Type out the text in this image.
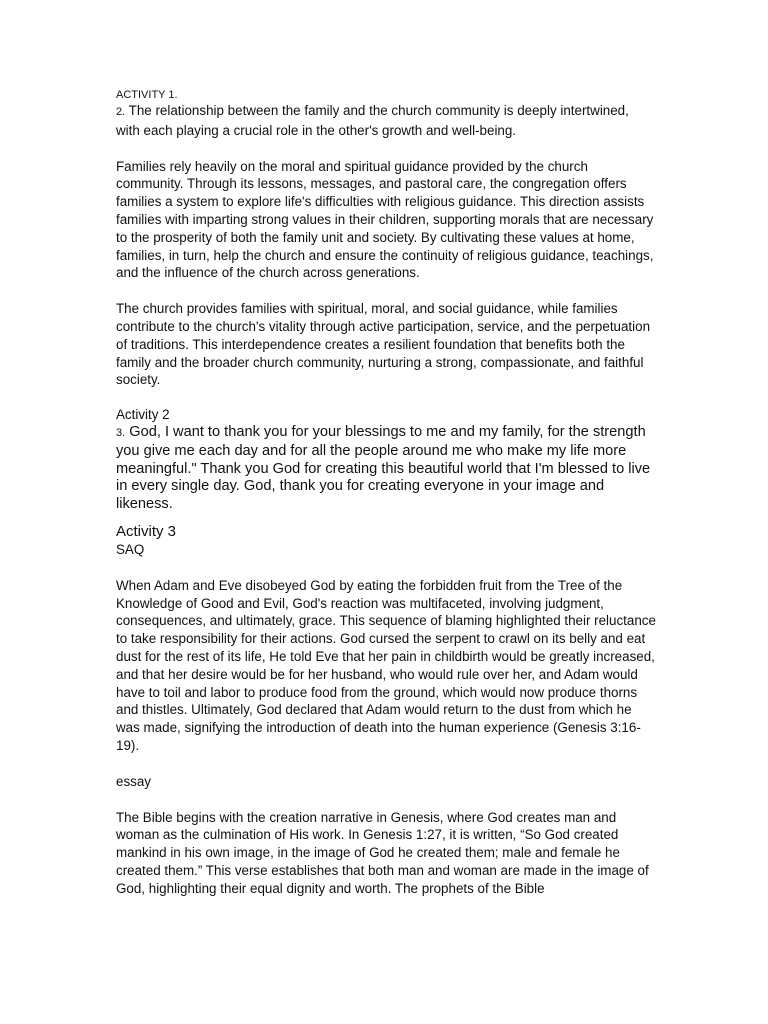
ACTIVITY 1.

2. The relationship between the family and the church community is deeply intertwined, with each playing a crucial role in the other's growth and well-being.

Families rely heavily on the moral and spiritual guidance provided by the church community. Through its lessons, messages, and pastoral care, the congregation offers families a system to explore life's difficulties with religious guidance. This direction assists families with imparting strong values in their children, supporting morals that are necessary to the prosperity of both the family unit and society. By cultivating these values at home, families, in turn, help the church and ensure the continuity of religious guidance, teachings, and the influence of the church across generations.

The church provides families with spiritual, moral, and social guidance, while families contribute to the church's vitality through active participation, service, and the perpetuation of traditions. This interdependence creates a resilient foundation that benefits both the family and the broader church community, nurturing a strong, compassionate, and faithful society.

Activity 2

3. God, I want to thank you for your blessings to me and my family, for the strength you give me each day and for all the people around me who make my life more meaningful." Thank you God for creating this beautiful world that I'm blessed to live in every single day. God, thank you for creating everyone in your image and likeness.

Activity 3

SAQ

When Adam and Eve disobeyed God by eating the forbidden fruit from the Tree of the Knowledge of Good and Evil, God's reaction was multifaceted, involving judgment, consequences, and ultimately, grace. This sequence of blaming highlighted their reluctance to take responsibility for their actions. God cursed the serpent to crawl on its belly and eat dust for the rest of its life, He told Eve that her pain in childbirth would be greatly increased, and that her desire would be for her husband, who would rule over her, and Adam would have to toil and labor to produce food from the ground, which would now produce thorns and thistles. Ultimately, God declared that Adam would return to the dust from which he was made, signifying the introduction of death into the human experience (Genesis 3:16-19).

essay

The Bible begins with the creation narrative in Genesis, where God creates man and woman as the culmination of His work. In Genesis 1:27, it is written, “So God created mankind in his own image, in the image of God he created them; male and female he created them.” This verse establishes that both man and woman are made in the image of God, highlighting their equal dignity and worth. The prophets of the Bible
